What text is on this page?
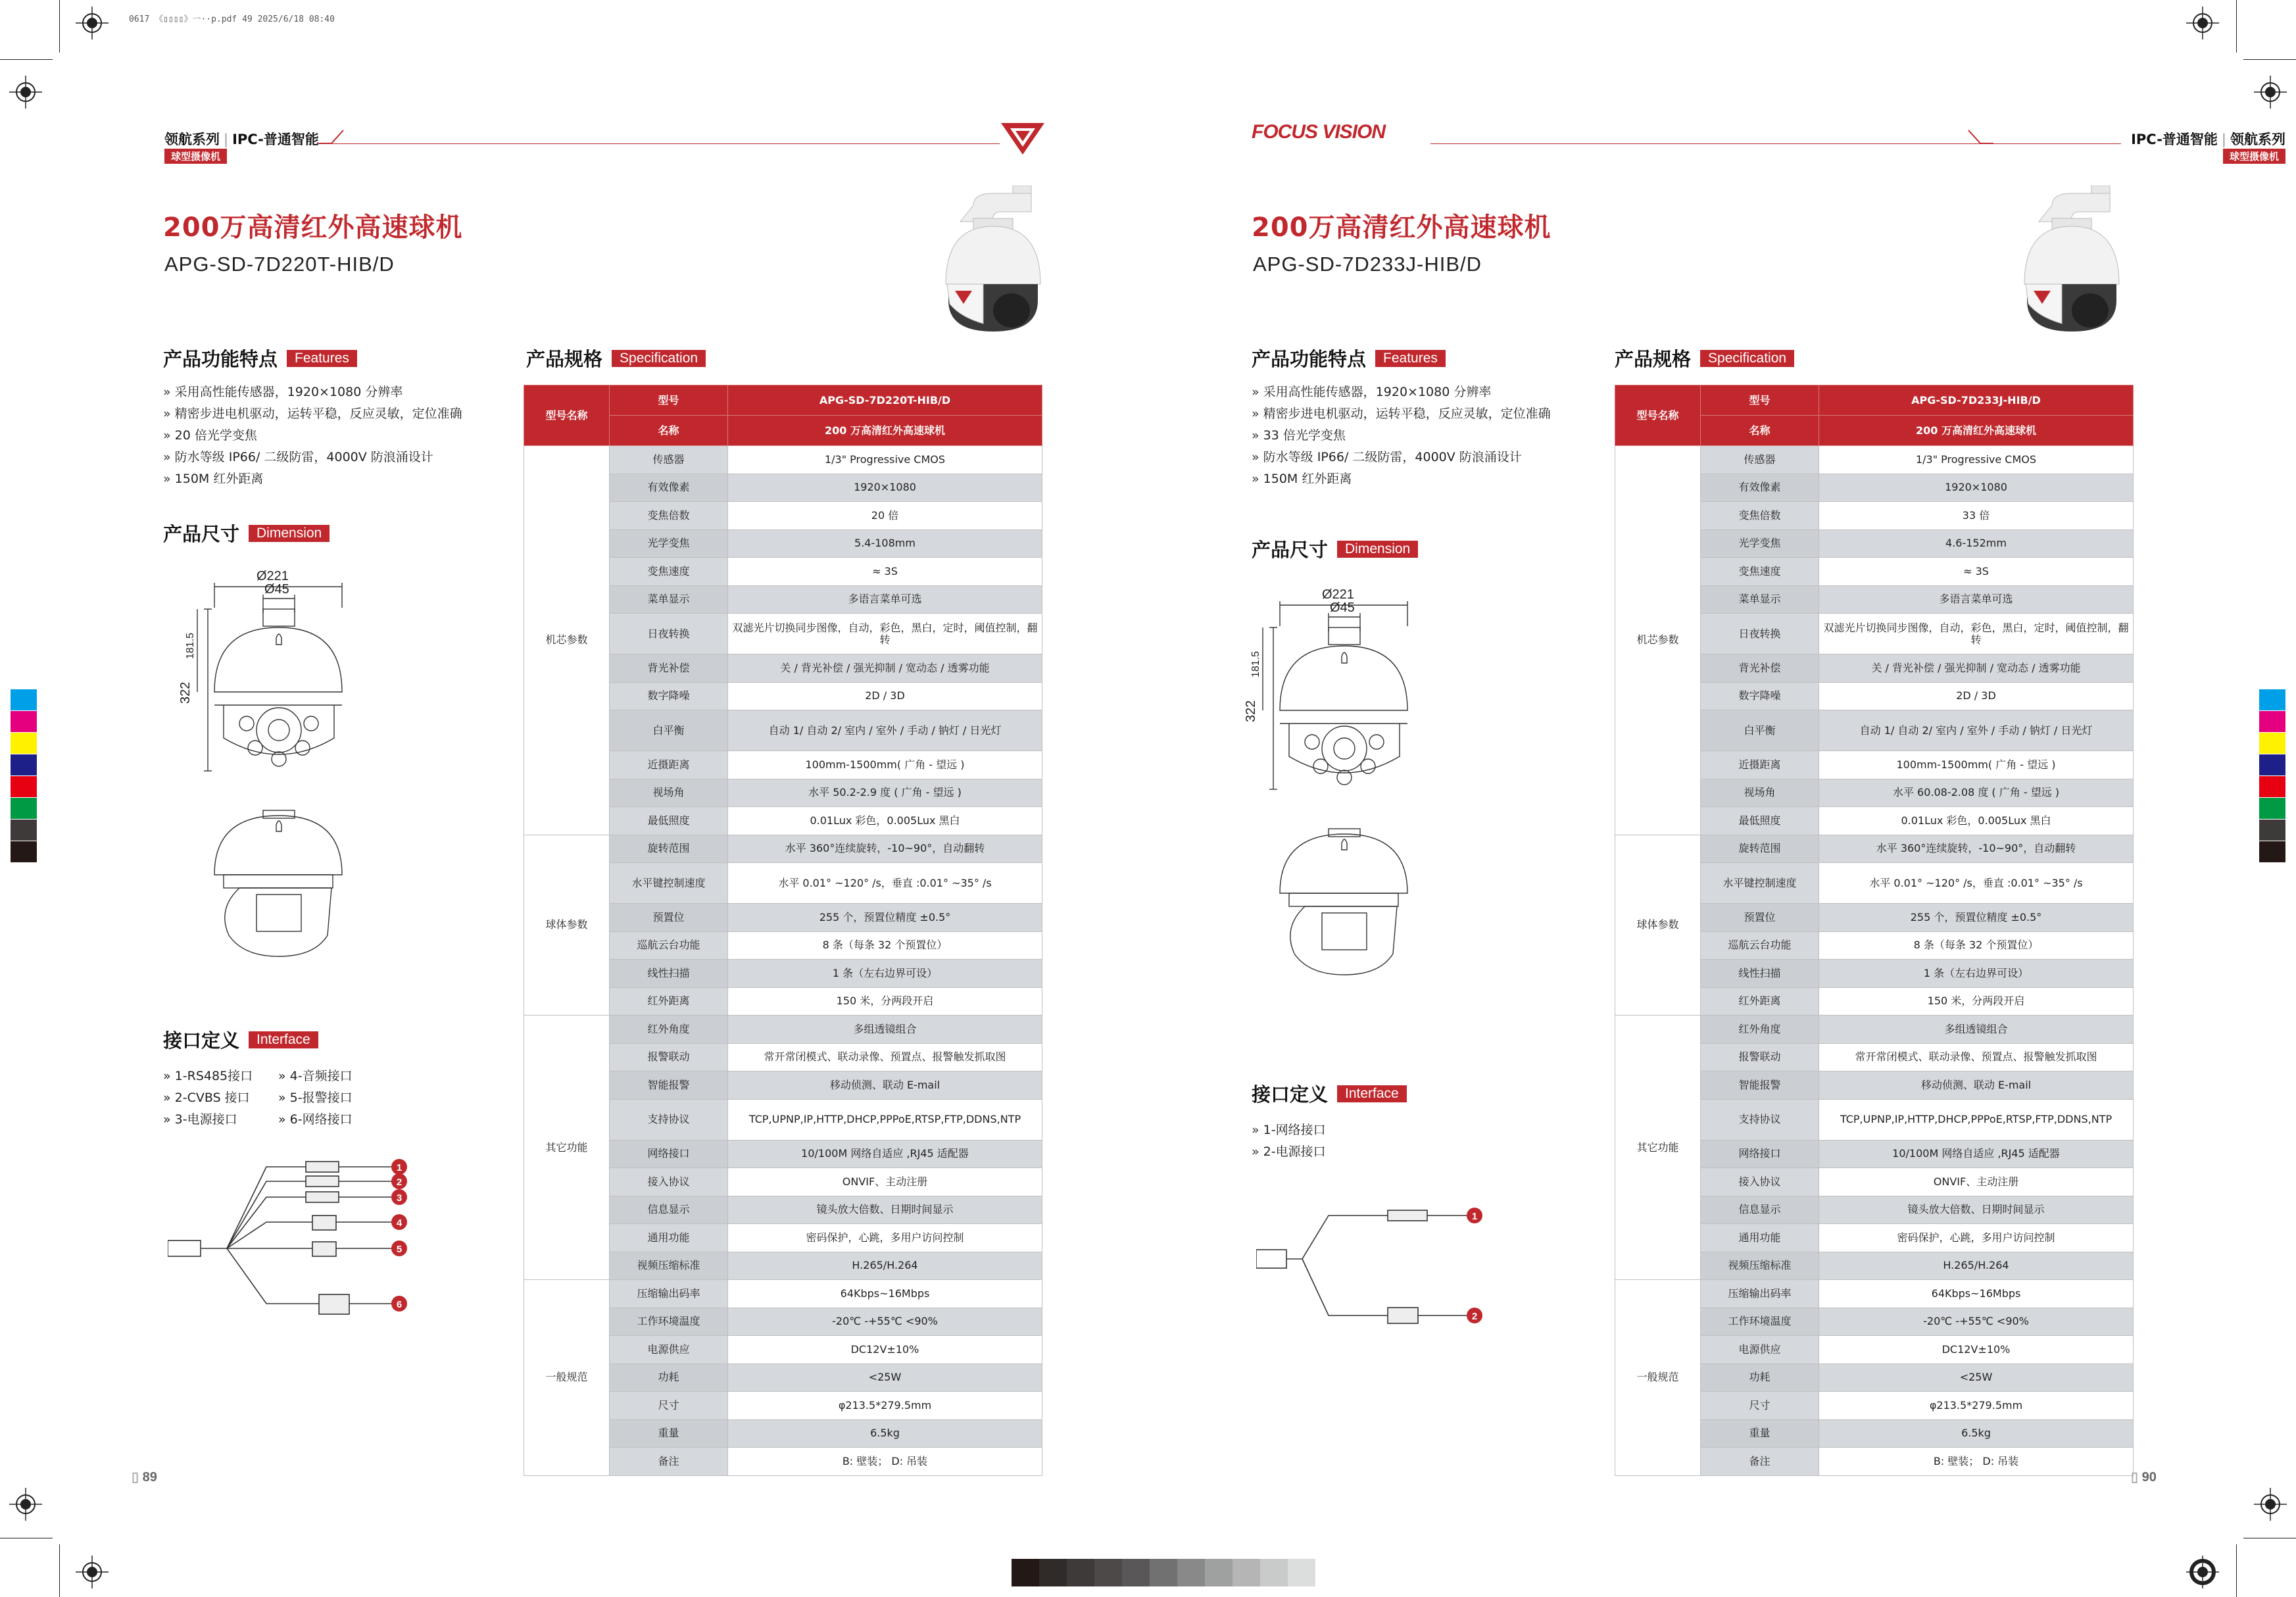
0617 《▯▯▯▯》一··p.pdf 49 2025/6/18 08:40
领航系列 | IPC-普通智能
球型摄像机
200万高清红外高速球机
APG-SD-7D220T-HIB/D
产品功能特点	Features
» 采用高性能传感器，1920×1080 分辨率
» 精密步进电机驱动，运转平稳，反应灵敏，定位准确
» 20 倍光学变焦
» 防水等级 IP66/ 二级防雷，4000V 防浪涌设计
» 150M 红外距离
产品尺寸	Dimension
Ø221
Ø45
322
181.5
接口定义	Interface
» 1-RS485接口	» 4-音频接口
» 2-CVBS 接口	» 5-报警接口
» 3-电源接口	» 6-网络接口
1
2
3
4
5
6
产品规格	Specification
型号名称	型号	APG-SD-7D220T-HIB/D
	名称	200 万高清红外高速球机
机芯参数	传感器	1/3" Progressive CMOS
	有效像素	1920×1080
	变焦倍数	20 倍
	光学变焦	5.4-108mm
	变焦速度	≈ 3S
	菜单显示	多语言菜单可选
	日夜转换	双滤光片切换同步图像，自动，彩色，黑白，定时，阈值控制，翻转
	背光补偿	关 / 背光补偿 / 强光抑制 / 宽动态 / 透雾功能
	数字降噪	2D / 3D
	白平衡	自动 1/ 自动 2/ 室内 / 室外 / 手动 / 钠灯 / 日光灯
	近摄距离	100mm-1500mm( 广角 - 望远 )
	视场角	水平 50.2-2.9 度 ( 广角 - 望远 )
	最低照度	0.01Lux 彩色，0.005Lux 黑白
球体参数	旋转范围	水平 360°连续旋转，-10~90°，自动翻转
	水平键控制速度	水平 0.01° ~120° /s，垂直 :0.01° ~35° /s
	预置位	255 个，预置位精度 ±0.5°
	巡航云台功能	8 条（每条 32 个预置位）
	线性扫描	1 条（左右边界可设）
	红外距离	150 米，分两段开启
其它功能	红外角度	多组透镜组合
	报警联动	常开常闭模式、联动录像、预置点、报警触发抓取图
	智能报警	移动侦测、联动 E-mail
	支持协议	TCP,UPNP,IP,HTTP,DHCP,PPPoE,RTSP,FTP,DDNS,NTP
	网络接口	10/100M 网络自适应 ,RJ45 适配器
	接入协议	ONVIF、主动注册
	信息显示	镜头放大倍数、日期时间显示
	通用功能	密码保护，心跳，多用户访问控制
	视频压缩标准	H.265/H.264
一般规范	压缩输出码率	64Kbps~16Mbps
	工作环境温度	-20℃ -+55℃ <90%
	电源供应	DC12V±10%
	功耗	<25W
	尺寸	φ213.5*279.5mm
	重量	6.5kg
	备注	B: 壁装； D: 吊装
▯ 89
FOCUS VISION	IPC-普通智能 | 领航系列
球型摄像机
200万高清红外高速球机
APG-SD-7D233J-HIB/D
产品功能特点	Features
» 采用高性能传感器，1920×1080 分辨率
» 精密步进电机驱动，运转平稳，反应灵敏，定位准确
» 33 倍光学变焦
» 防水等级 IP66/ 二级防雷，4000V 防浪涌设计
» 150M 红外距离
产品尺寸	Dimension
Ø221
Ø45
322
181.5
接口定义	Interface
» 1-网络接口
» 2-电源接口
1
2
产品规格	Specification
型号名称	型号	APG-SD-7D233J-HIB/D
	名称	200 万高清红外高速球机
机芯参数	传感器	1/3" Progressive CMOS
	有效像素	1920×1080
	变焦倍数	33 倍
	光学变焦	4.6-152mm
	变焦速度	≈ 3S
	菜单显示	多语言菜单可选
	日夜转换	双滤光片切换同步图像，自动，彩色，黑白，定时，阈值控制，翻转
	背光补偿	关 / 背光补偿 / 强光抑制 / 宽动态 / 透雾功能
	数字降噪	2D / 3D
	白平衡	自动 1/ 自动 2/ 室内 / 室外 / 手动 / 钠灯 / 日光灯
	近摄距离	100mm-1500mm( 广角 - 望远 )
	视场角	水平 60.08-2.08 度 ( 广角 - 望远 )
	最低照度	0.01Lux 彩色，0.005Lux 黑白
球体参数	旋转范围	水平 360°连续旋转，-10~90°，自动翻转
	水平键控制速度	水平 0.01° ~120° /s，垂直 :0.01° ~35° /s
	预置位	255 个，预置位精度 ±0.5°
	巡航云台功能	8 条（每条 32 个预置位）
	线性扫描	1 条（左右边界可设）
	红外距离	150 米，分两段开启
其它功能	红外角度	多组透镜组合
	报警联动	常开常闭模式、联动录像、预置点、报警触发抓取图
	智能报警	移动侦测、联动 E-mail
	支持协议	TCP,UPNP,IP,HTTP,DHCP,PPPoE,RTSP,FTP,DDNS,NTP
	网络接口	10/100M 网络自适应 ,RJ45 适配器
	接入协议	ONVIF、主动注册
	信息显示	镜头放大倍数、日期时间显示
	通用功能	密码保护，心跳，多用户访问控制
	视频压缩标准	H.265/H.264
一般规范	压缩输出码率	64Kbps~16Mbps
	工作环境温度	-20℃ -+55℃ <90%
	电源供应	DC12V±10%
	功耗	<25W
	尺寸	φ213.5*279.5mm
	重量	6.5kg
	备注	B: 壁装； D: 吊装
▯ 90
